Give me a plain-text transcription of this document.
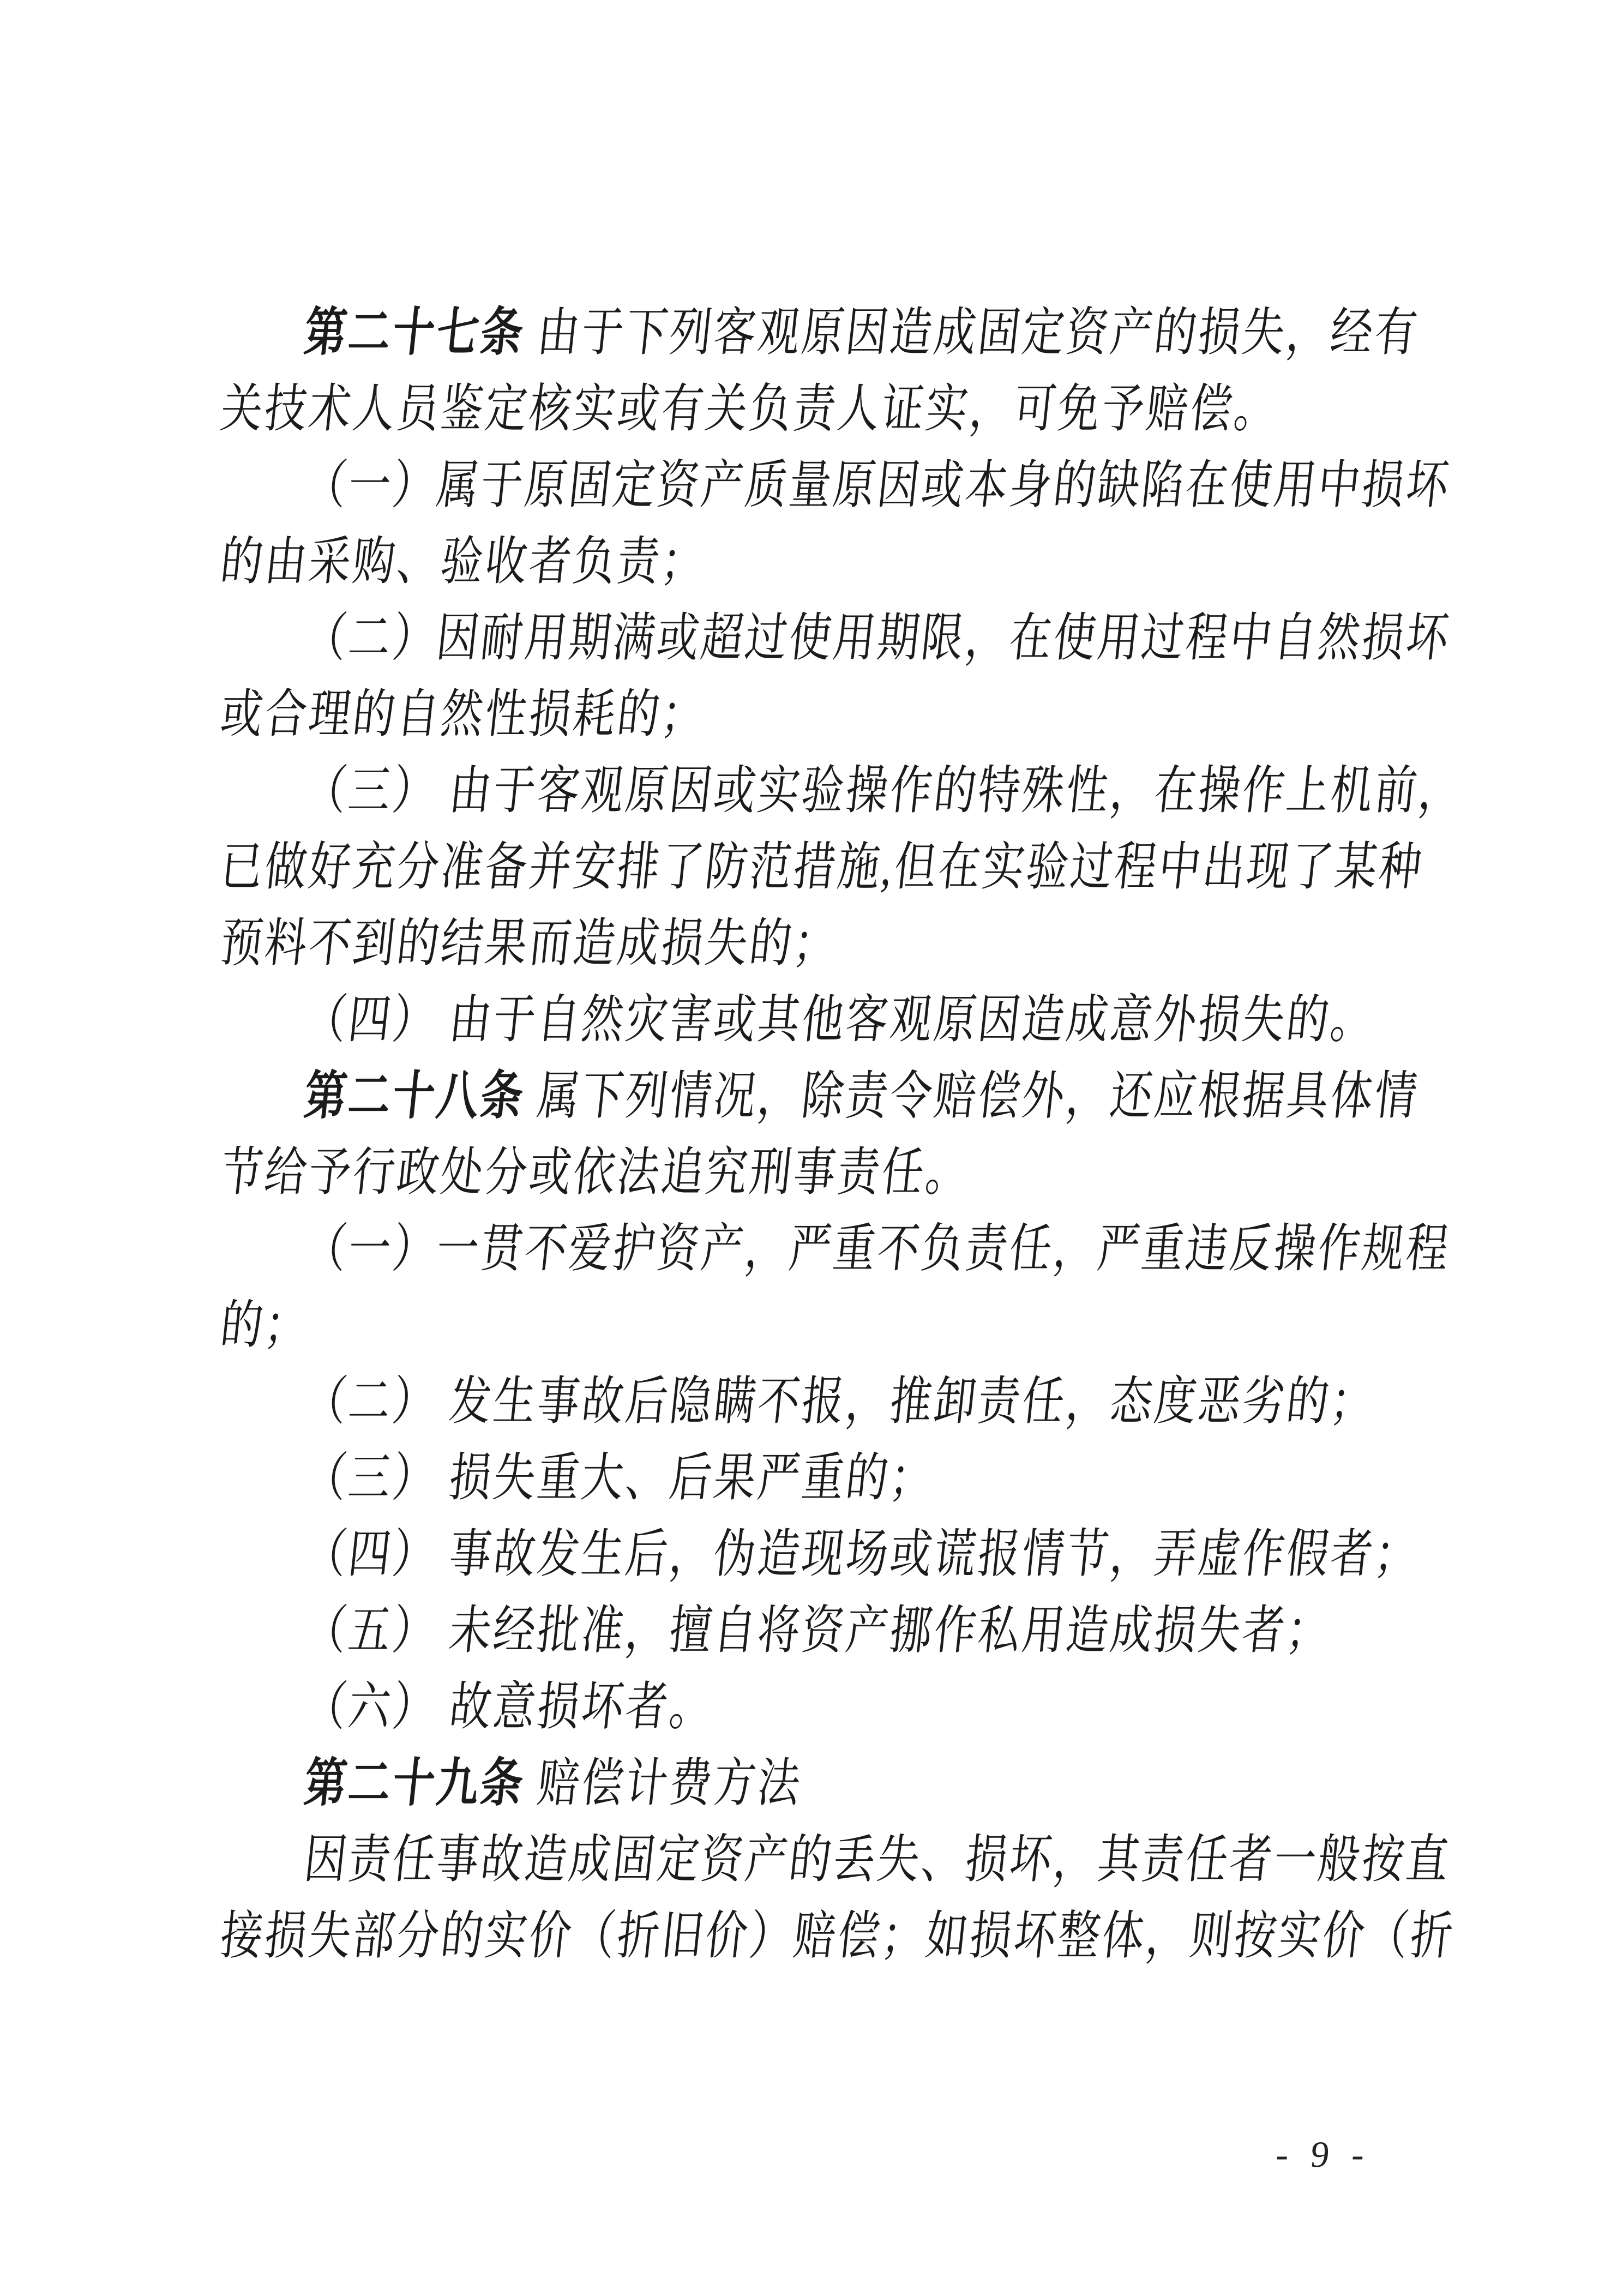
第二十七条 由于下列客观原因造成固定资产的损失，经有
关技术人员鉴定核实或有关负责人证实，可免予赔偿。
（一）属于原固定资产质量原因或本身的缺陷在使用中损坏
的由采购、验收者负责；
（二）因耐用期满或超过使用期限，在使用过程中自然损坏
或合理的自然性损耗的；
（三） 由于客观原因或实验操作的特殊性，在操作上机前，
已做好充分准备并安排了防范措施,但在实验过程中出现了某种
预料不到的结果而造成损失的；
（四） 由于自然灾害或其他客观原因造成意外损失的。
第二十八条 属下列情况，除责令赔偿外，还应根据具体情
节给予行政处分或依法追究刑事责任。
（一）一贯不爱护资产，严重不负责任，严重违反操作规程
的；
（二） 发生事故后隐瞒不报，推卸责任，态度恶劣的；
（三） 损失重大、后果严重的；
（四） 事故发生后，伪造现场或谎报情节，弄虚作假者；
（五） 未经批准，擅自将资产挪作私用造成损失者；
（六） 故意损坏者。
第二十九条 赔偿计费方法
因责任事故造成固定资产的丢失、损坏，其责任者一般按直
接损失部分的实价（折旧价）赔偿；如损坏整体，则按实价（折
- 9 -
